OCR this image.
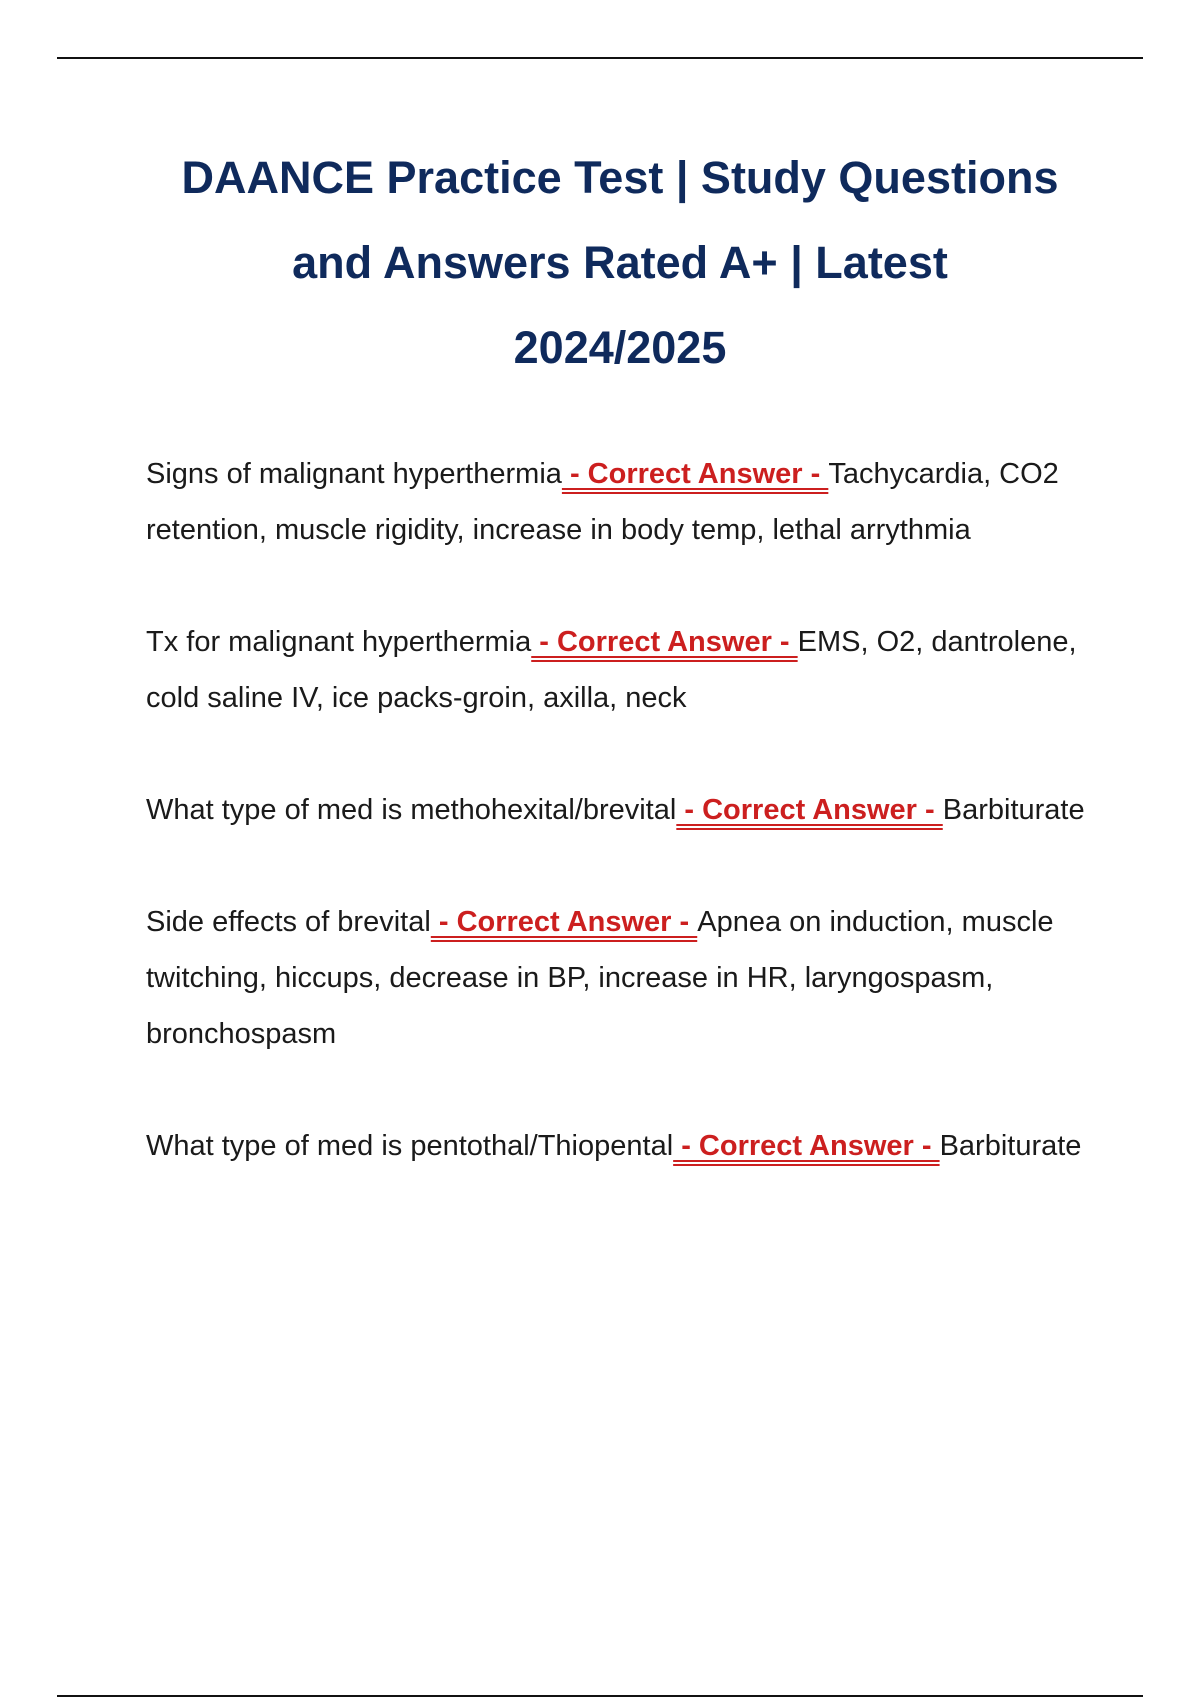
DAANCE Practice Test | Study Questions
and Answers Rated A+ | Latest
2024/2025

Signs of malignant hyperthermia - Correct Answer - Tachycardia, CO2 retention, muscle rigidity, increase in body temp, lethal arrythmia

Tx for malignant hyperthermia - Correct Answer - EMS, O2, dantrolene, cold saline IV, ice packs-groin, axilla, neck

What type of med is methohexital/brevital - Correct Answer - Barbiturate

Side effects of brevital - Correct Answer - Apnea on induction, muscle twitching, hiccups, decrease in BP, increase in HR, laryngospasm, bronchospasm

What type of med is pentothal/Thiopental - Correct Answer - Barbiturate
